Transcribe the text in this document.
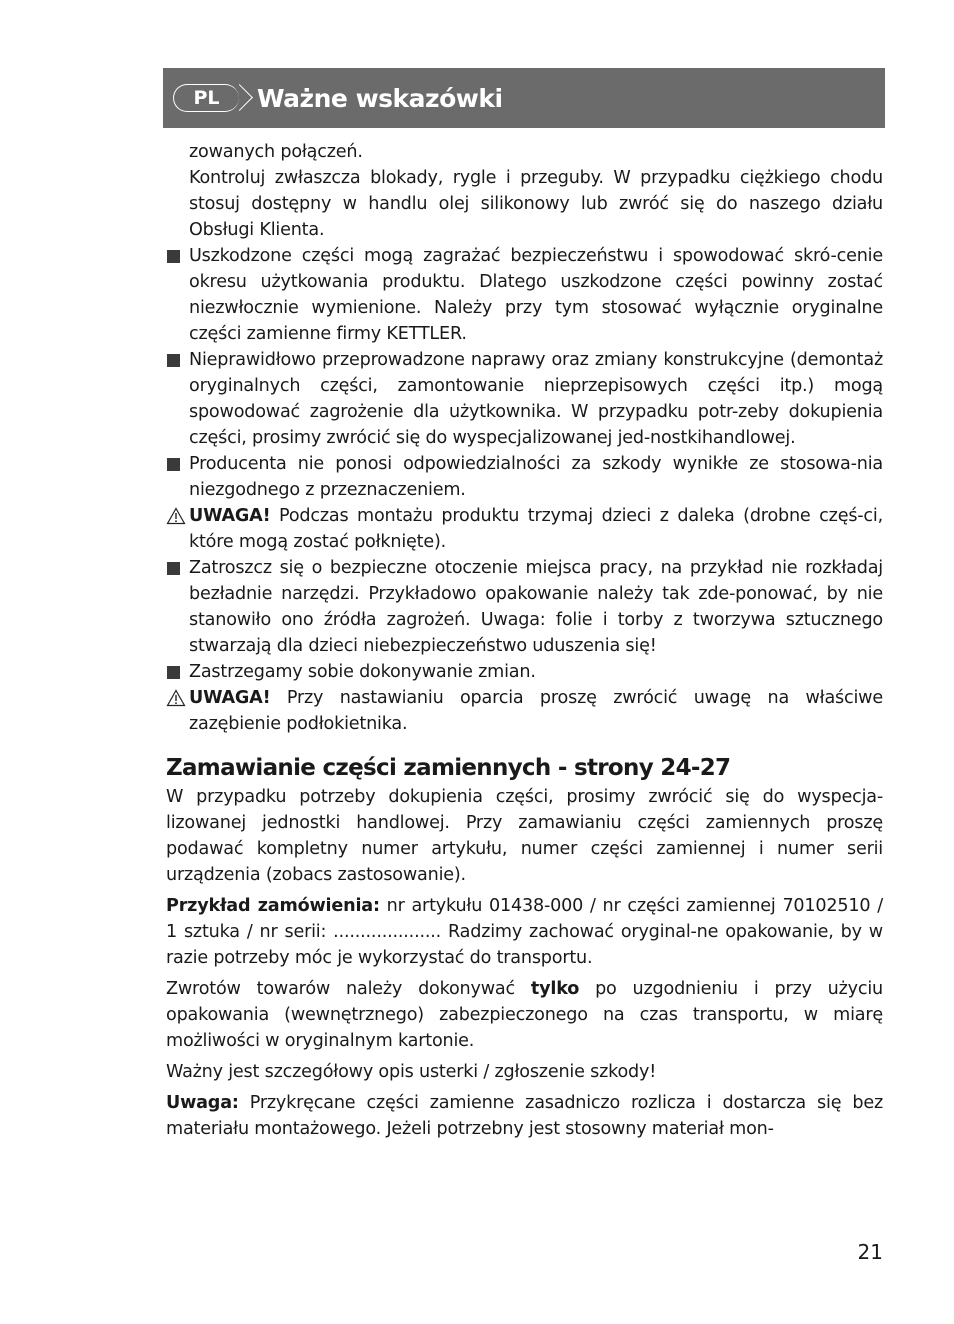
PL Ważne wskazówki

zowanych połączeń.

Kontroluj zwłaszcza blokady, rygle i przeguby. W przypadku ciężkiego chodu stosuj dostępny w handlu olej silikonowy lub zwróć się do naszego działu Obsługi Klienta.

Uszkodzone części mogą zagrażać bezpieczeństwu i spowodować skró-cenie okresu użytkowania produktu. Dlatego uszkodzone części powinny zostać niezwłocznie wymienione. Należy przy tym stosować wyłącznie oryginalne części zamienne firmy KETTLER.

Nieprawidłowo przeprowadzone naprawy oraz zmiany konstrukcyjne (demontaż oryginalnych części, zamontowanie nieprzepisowych części itp.) mogą spowodować zagrożenie dla użytkownika. W przypadku potr-zeby dokupienia części, prosimy zwrócić się do wyspecjalizowanej jed-nostkihandlowej.

Producenta nie ponosi odpowiedzialności za szkody wynikłe ze stosowa-nia niezgodnego z przeznaczeniem.

UWAGA! Podczas montażu produktu trzymaj dzieci z daleka (drobne częś-ci, które mogą zostać połknięte).

Zatroszcz się o bezpieczne otoczenie miejsca pracy, na przykład nie rozkładaj bezładnie narzędzi. Przykładowo opakowanie należy tak zde-ponować, by nie stanowiło ono źródła zagrożeń. Uwaga: folie i torby z tworzywa sztucznego stwarzają dla dzieci niebezpieczeństwo uduszenia się!

Zastrzegamy sobie dokonywanie zmian.

UWAGA! Przy nastawianiu oparcia proszę zwrócić uwagę na właściwe zazębienie podłokietnika.

Zamawianie części zamiennych - strony 24-27

W przypadku potrzeby dokupienia części, prosimy zwrócić się do wyspecja-lizowanej jednostki handlowej. Przy zamawianiu części zamiennych proszę podawać kompletny numer artykułu, numer części zamiennej i numer serii urządzenia (zobacs zastosowanie).

Przykład zamówienia: nr artykułu 01438-000 / nr części zamiennej 70102510 / 1 sztuka / nr serii: .................... Radzimy zachować oryginal-ne opakowanie, by w razie potrzeby móc je wykorzystać do transportu.

Zwrotów towarów należy dokonywać tylko po uzgodnieniu i przy użyciu opakowania (wewnętrznego) zabezpieczonego na czas transportu, w miarę możliwości w oryginalnym kartonie.

Ważny jest szczegółowy opis usterki / zgłoszenie szkody!

Uwaga: Przykręcane części zamienne zasadniczo rozlicza i dostarcza się bez materiału montażowego. Jeżeli potrzebny jest stosowny materiał mon-

21
